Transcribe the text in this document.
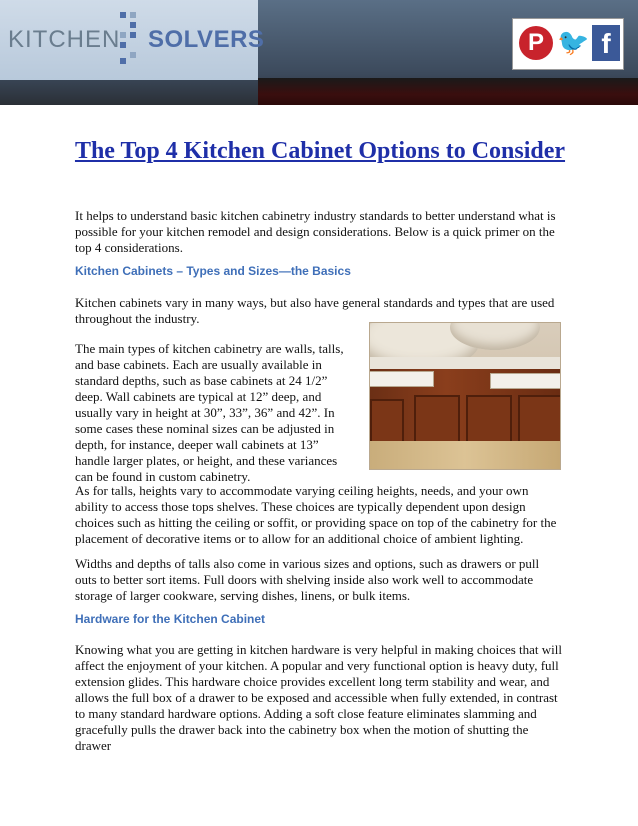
KITCHEN SOLVERS	P 🐦 f
The Top 4 Kitchen Cabinet Options to Consider

It helps to understand basic kitchen cabinetry industry standards to better understand what is possible for your kitchen remodel and design considerations. Below is a quick primer on the top 4 considerations.

Kitchen Cabinets – Types and Sizes—the Basics

Kitchen cabinets vary in many ways, but also have general standards and types that are used throughout the industry.

The main types of kitchen cabinetry are walls, talls, and base cabinets. Each are usually available in standard depths, such as base cabinets at 24 1/2” deep. Wall cabinets are typical at 12” deep, and usually vary in height at 30”, 33”, 36” and 42”. In some cases these nominal sizes can be adjusted in depth, for instance, deeper wall cabinets at 13” handle larger plates, or height, and these variances can be found in custom cabinetry.

As for talls, heights vary to accommodate varying ceiling heights, needs, and your own ability to access those tops shelves. These choices are typically dependent upon design choices such as hitting the ceiling or soffit, or providing space on top of the cabinetry for the placement of decorative items or to allow for an additional choice of ambient lighting.

Widths and depths of talls also come in various sizes and options, such as drawers or pull outs to better sort items. Full doors with shelving inside also work well to accommodate storage of larger cookware, serving dishes, linens, or bulk items.

Hardware for the Kitchen Cabinet

Knowing what you are getting in kitchen hardware is very helpful in making choices that will affect the enjoyment of your kitchen. A popular and very functional option is heavy duty, full extension glides. This hardware choice provides excellent long term stability and wear, and allows the full box of a drawer to be exposed and accessible when fully extended, in contrast to many standard hardware options. Adding a soft close feature eliminates slamming and gracefully pulls the drawer back into the cabinetry box when the motion of shutting the drawer
